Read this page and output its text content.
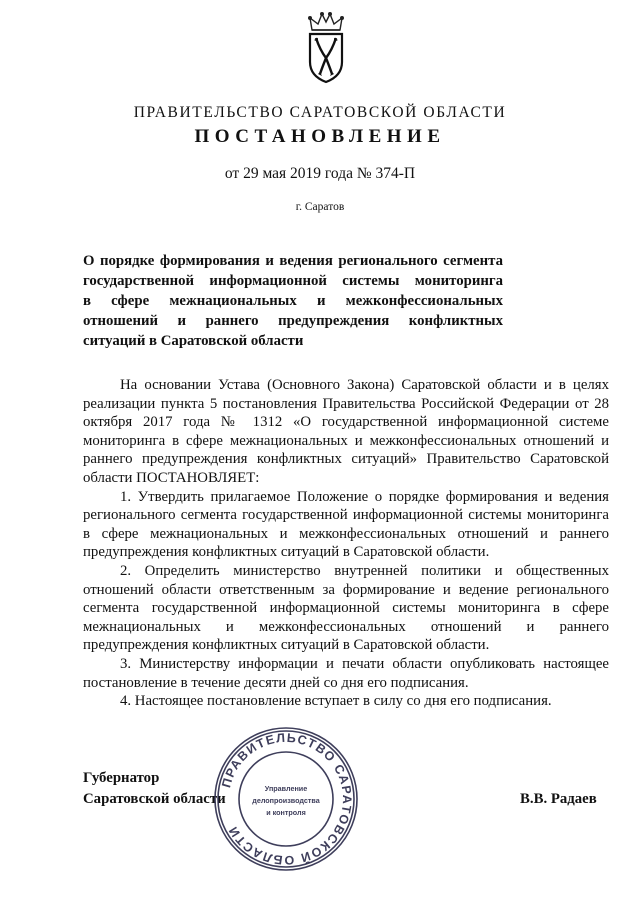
ПРАВИТЕЛЬСТВО САРАТОВСКОЙ ОБЛАСТИ
ПОСТАНОВЛЕНИЕ
от 29 мая 2019 года № 374-П
г. Саратов
О порядке формирования и ведения регионального сегмента
государственной информационной системы мониторинга
в сфере межнациональных и межконфессиональных
отношений и раннего предупреждения конфликтных
ситуаций в Саратовской области

На основании Устава (Основного Закона) Саратовской области и в целях реализации пункта 5 постановления Правительства Российской Федерации от 28 октября 2017 года № 1312 «О государственной информационной системе мониторинга в сфере межнациональных и межконфессиональных отношений и раннего предупреждения конфликтных ситуаций» Правительство Саратовской области ПОСТАНОВЛЯЕТ:

1. Утвердить прилагаемое Положение о порядке формирования и ведения регионального сегмента государственной информационной системы мониторинга в сфере межнациональных и межконфессиональных отношений и раннего предупреждения конфликтных ситуаций в Саратовской области.

2. Определить министерство внутренней политики и общественных отношений области ответственным за формирование и ведение регионального сегмента государственной информационной системы мониторинга в сфере межнациональных и межконфессиональных отношений и раннего предупреждения конфликтных ситуаций в Саратовской области.

3. Министерству информации и печати области опубликовать настоящее постановление в течение десяти дней со дня его подписания.

4. Настоящее постановление вступает в силу со дня его подписания.

Губернатор
Саратовской области	В.В. Радаев
ПРАВИТЕЛЬСТВО САРАТОВСКОЙ ОБЛАСТИ
Управление
делопроизводства
и контроля
